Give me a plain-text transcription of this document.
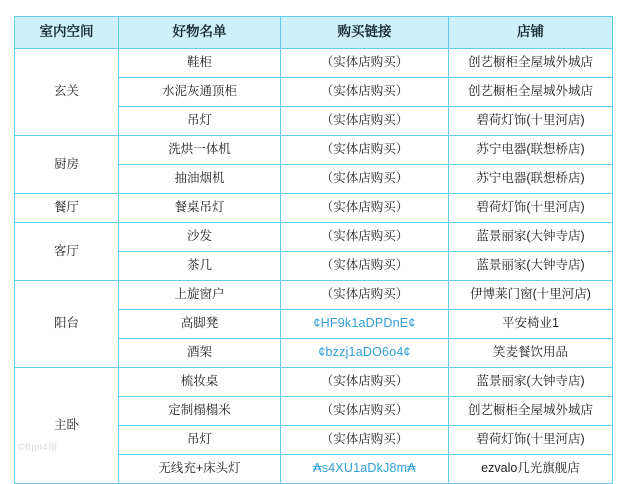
室内空间	好物名单	购买链接	店铺
玄关	鞋柜	（实体店购买）	创艺橱柜全屋城外城店
	水泥灰通顶柜	（实体店购买）	创艺橱柜全屋城外城店
	吊灯	（实体店购买）	碧荷灯饰(十里河店)
厨房	洗烘一体机	（实体店购买）	苏宁电器(联想桥店)
	抽油烟机	（实体店购买）	苏宁电器(联想桥店)
餐厅	餐桌吊灯	（实体店购买）	碧荷灯饰(十里河店)
客厅	沙发	（实体店购买）	蓝景丽家(大钟寺店)
	茶几	（实体店购买）	蓝景丽家(大钟寺店)
阳台	上旋窗户	（实体店购买）	伊博莱门窗(十里河店)
	高脚凳	¢HF9k1aDPDnE¢	平安椅业1
	酒架	¢bzzj1aDO6o4¢	笑麦餐饮用品
主卧	梳妆桌	（实体店购买）	蓝景丽家(大钟寺店)
	定制榻榻米	（实体店购买）	创艺橱柜全屋城外城店
	吊灯	（实体店购买）	碧荷灯饰(十里河店)
	无线充+床头灯	₳s4XU1aDkJ8m₳	ezvalo几光旗舰店
©Bjpt4图
